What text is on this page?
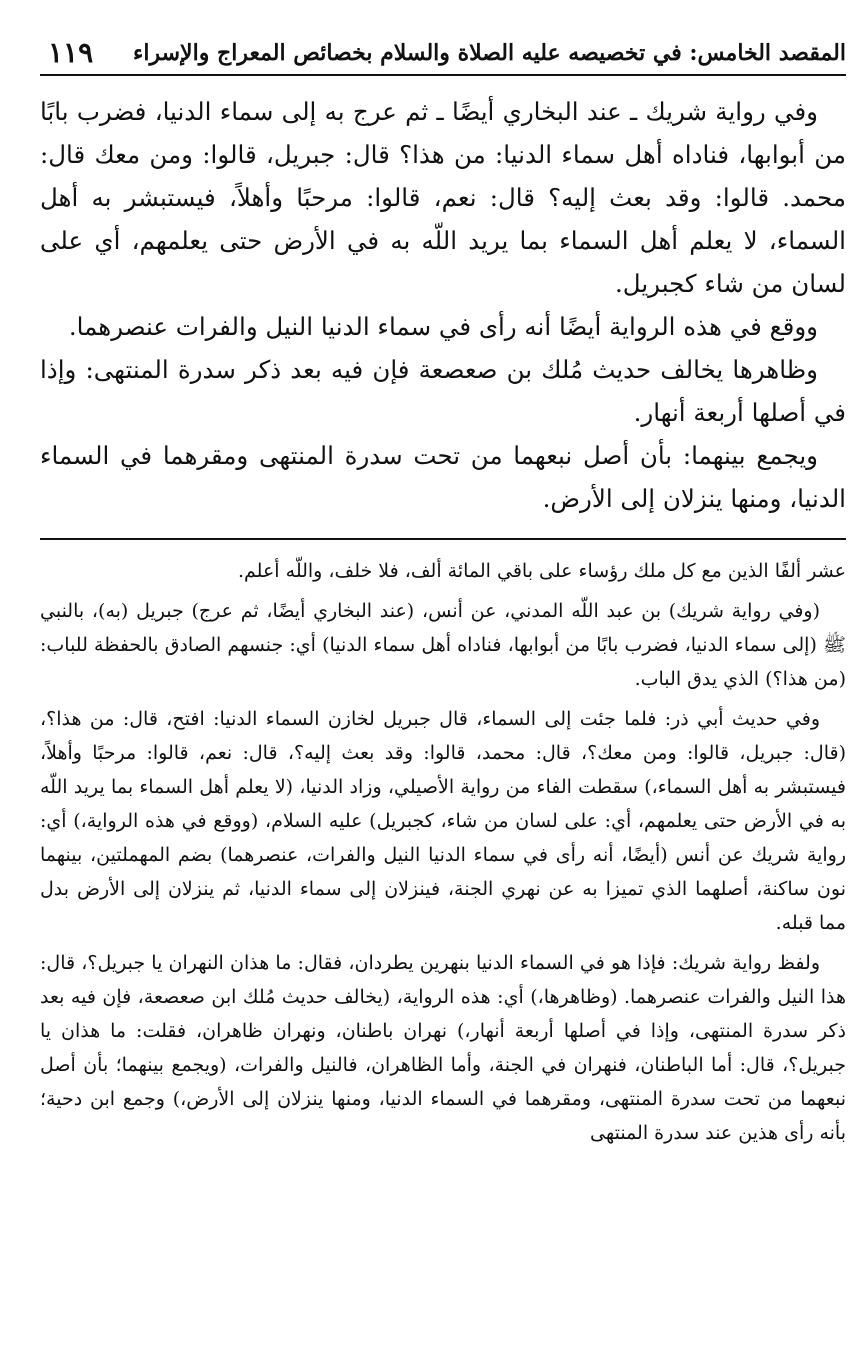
المقصد الخامس: في تخصيصه عليه الصلاة والسلام بخصائص المعراج والإسراء
١١٩

وفي رواية شريك ـ عند البخاري أيضًا ـ ثم عرج به إلى سماء الدنيا، فضرب بابًا من أبوابها، فناداه أهل سماء الدنيا: من هذا؟ قال: جبريل، قالوا: ومن معك قال: محمد. قالوا: وقد بعث إليه؟ قال: نعم، قالوا: مرحبًا وأهلاً، فيستبشر به أهل السماء، لا يعلم أهل السماء بما يريد اللّه به في الأرض حتى يعلمهم، أي على لسان من شاء كجبريل.

ووقع في هذه الرواية أيضًا أنه رأى في سماء الدنيا النيل والفرات عنصرهما.

وظاهرها يخالف حديث مُلك بن صعصعة فإن فيه بعد ذكر سدرة المنتهى: وإذا في أصلها أربعة أنهار.

ويجمع بينهما: بأن أصل نبعهما من تحت سدرة المنتهى ومقرهما في السماء الدنيا، ومنها ينزلان إلى الأرض.

عشر ألفًا الذين مع كل ملك رؤساء على باقي المائة ألف، فلا خلف، واللّه أعلم.

(وفي رواية شريك) بن عبد اللّه المدني، عن أنس، (عند البخاري أيضًا، ثم عرج) جبريل (به)، بالنبي ﷺ (إلى سماء الدنيا، فضرب بابًا من أبوابها، فناداه أهل سماء الدنيا) أي: جنسهم الصادق بالحفظة للباب: (من هذا؟) الذي يدق الباب.

وفي حديث أبي ذر: فلما جئت إلى السماء، قال جبريل لخازن السماء الدنيا: افتح، قال: من هذا؟، (قال: جبريل، قالوا: ومن معك؟، قال: محمد، قالوا: وقد بعث إليه؟، قال: نعم، قالوا: مرحبًا وأهلاً، فيستبشر به أهل السماء،) سقطت الفاء من رواية الأصيلي، وزاد الدنيا، (لا يعلم أهل السماء بما يريد اللّه به في الأرض حتى يعلمهم، أي: على لسان من شاء، كجبريل) عليه السلام، (ووقع في هذه الرواية،) أي: رواية شريك عن أنس (أيضًا، أنه رأى في سماء الدنيا النيل والفرات، عنصرهما) بضم المهملتين، بينهما نون ساكنة، أصلهما الذي تميزا به عن نهري الجنة، فينزلان إلى سماء الدنيا، ثم ينزلان إلى الأرض بدل مما قبله.

ولفظ رواية شريك: فإذا هو في السماء الدنيا بنهرين يطردان، فقال: ما هذان النهران يا جبريل؟، قال: هذا النيل والفرات عنصرهما. (وظاهرها،) أي: هذه الرواية، (يخالف حديث مُلك ابن صعصعة، فإن فيه بعد ذكر سدرة المنتهى، وإذا في أصلها أربعة أنهار،) نهران باطنان، ونهران ظاهران، فقلت: ما هذان يا جبريل؟، قال: أما الباطنان، فنهران في الجنة، وأما الظاهران، فالنيل والفرات، (ويجمع بينهما؛ بأن أصل نبعهما من تحت سدرة المنتهى، ومقرهما في السماء الدنيا، ومنها ينزلان إلى الأرض،) وجمع ابن دحية؛ بأنه رأى هذين عند سدرة المنتهى
